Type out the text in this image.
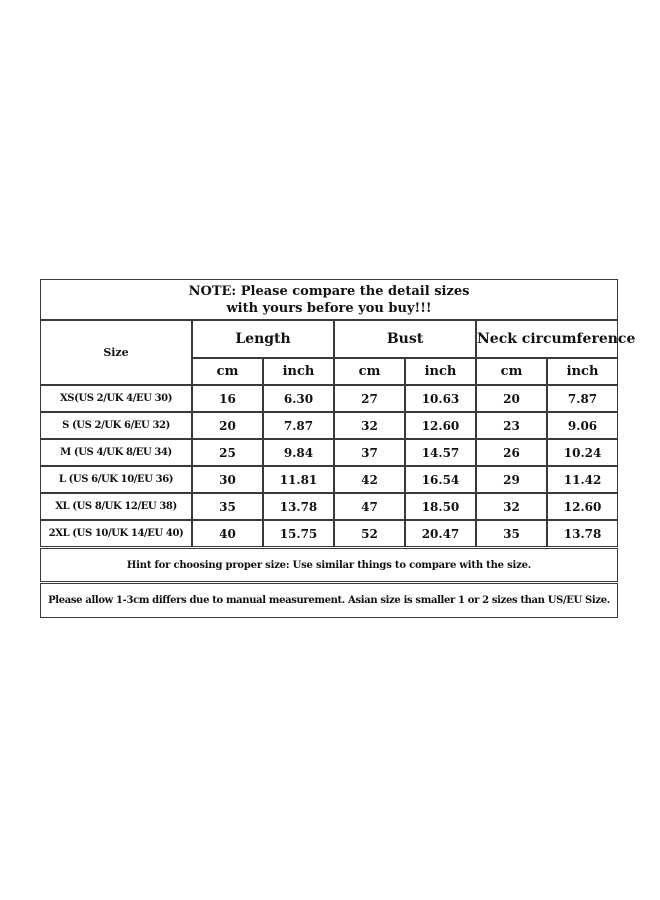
NOTE: Please compare the detail sizes
with yours before you buy!!!						

Size	Length		Bust		Neck circumference	
	cm	inch	cm	inch	cm	inch
XS(US 2/UK 4/EU 30)	16	6.30	27	10.63	20	7.87
S (US 2/UK 6/EU 32)	20	7.87	32	12.60	23	9.06
M (US 4/UK 8/EU 34)	25	9.84	37	14.57	26	10.24
L (US 6/UK 10/EU 36)	30	11.81	42	16.54	29	11.42
XL (US 8/UK 12/EU 38)	35	13.78	47	18.50	32	12.60
2XL (US 10/UK 14/EU 40)	40	15.75	52	20.47	35	13.78
Hint for choosing proper size: Use similar things to compare with the size.
Please allow 1-3cm differs due to manual measurement. Asian size is smaller 1 or 2 sizes than US/EU Size.
